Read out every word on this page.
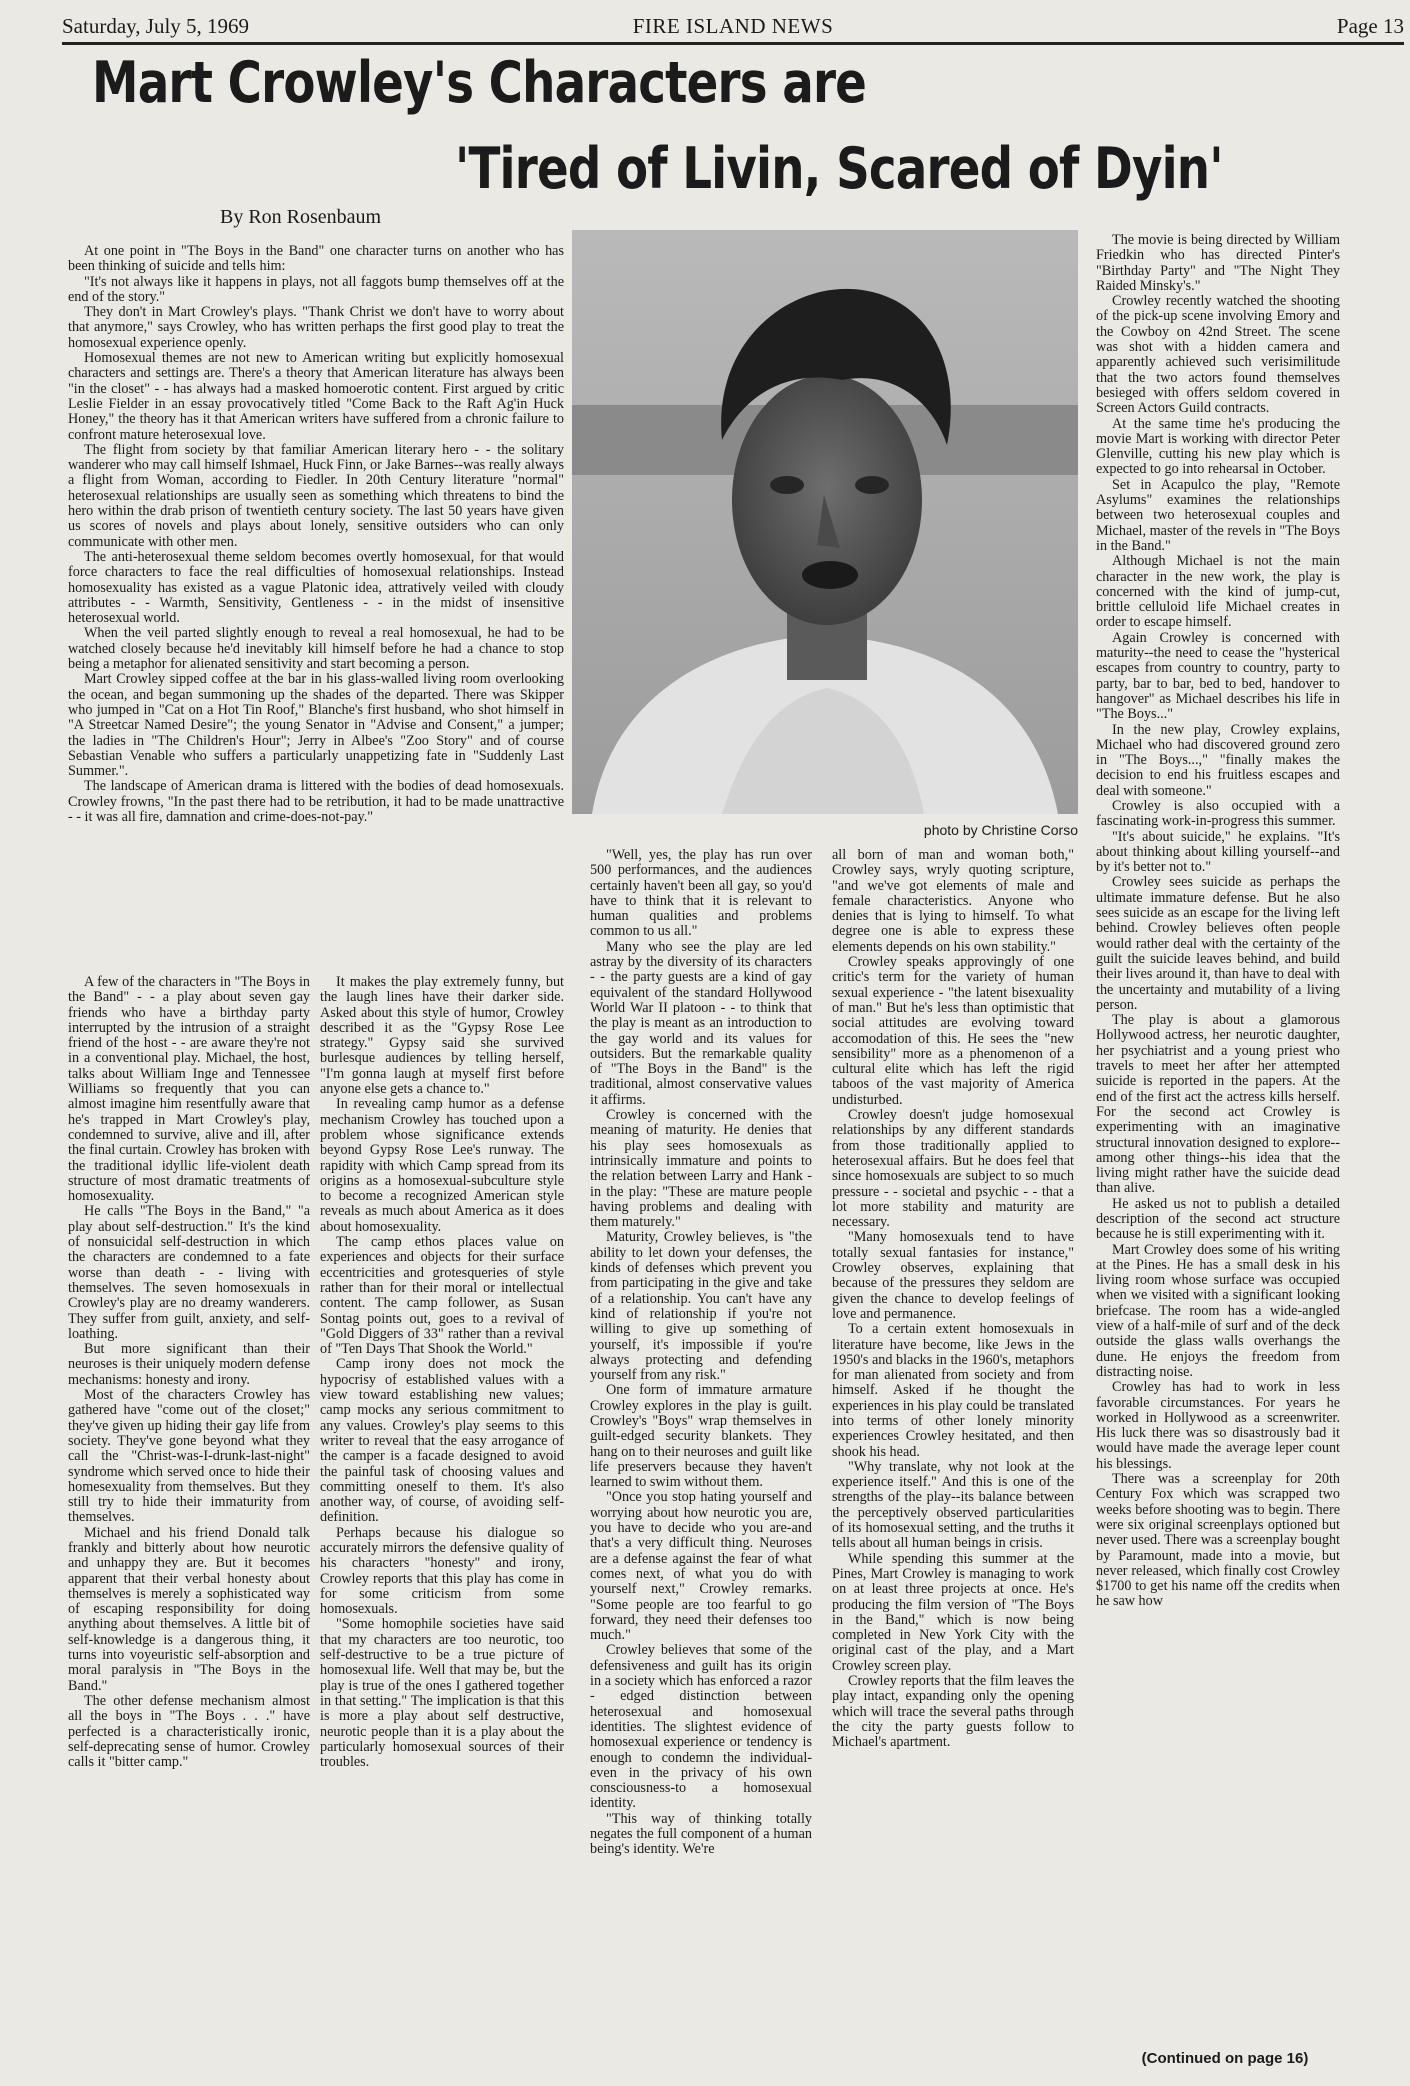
Saturday, July 5, 1969	FIRE ISLAND NEWS	Page 13
Mart Crowley's Characters are
'Tired of Livin, Scared of Dyin'
By Ron Rosenbaum
photo by Christine Corso

At one point in "The Boys in the Band" one character turns on another who has been thinking of suicide and tells him:

"It's not always like it happens in plays, not all faggots bump themselves off at the end of the story."

They don't in Mart Crowley's plays. "Thank Christ we don't have to worry about that anymore," says Crowley, who has written perhaps the first good play to treat the homosexual experience openly.

Homosexual themes are not new to American writing but explicitly homosexual characters and settings are. There's a theory that American literature has always been "in the closet" - - has always had a masked homoerotic content. First argued by critic Leslie Fielder in an essay provocatively titled "Come Back to the Raft Ag'in Huck Honey," the theory has it that American writers have suffered from a chronic failure to confront mature heterosexual love.

The flight from society by that familiar American literary hero - - the solitary wanderer who may call himself Ishmael, Huck Finn, or Jake Barnes--was really always a flight from Woman, according to Fiedler. In 20th Century literature "normal" heterosexual relationships are usually seen as something which threatens to bind the hero within the drab prison of twentieth century society. The last 50 years have given us scores of novels and plays about lonely, sensitive outsiders who can only communicate with other men.

The anti-heterosexual theme seldom becomes overtly homosexual, for that would force characters to face the real difficulties of homosexual relationships. Instead homosexuality has existed as a vague Platonic idea, attratively veiled with cloudy attributes - - Warmth, Sensitivity, Gentleness - - in the midst of insensitive heterosexual world.

When the veil parted slightly enough to reveal a real homosexual, he had to be watched closely because he'd inevitably kill himself before he had a chance to stop being a metaphor for alienated sensitivity and start becoming a person.

Mart Crowley sipped coffee at the bar in his glass-walled living room overlooking the ocean, and began summoning up the shades of the departed. There was Skipper who jumped in "Cat on a Hot Tin Roof," Blanche's first husband, who shot himself in "A Streetcar Named Desire"; the young Senator in "Advise and Consent," a jumper; the ladies in "The Children's Hour"; Jerry in Albee's "Zoo Story" and of course Sebastian Venable who suffers a particularly unappetizing fate in "Suddenly Last Summer.".

The landscape of American drama is littered with the bodies of dead homosexuals. Crowley frowns, "In the past there had to be retribution, it had to be made unattractive - - it was all fire, damnation and crime-does-not-pay."

A few of the characters in "The Boys in the Band" - - a play about seven gay friends who have a birthday party interrupted by the intrusion of a straight friend of the host - - are aware they're not in a conventional play. Michael, the host, talks about William Inge and Tennessee Williams so frequently that you can almost imagine him resentfully aware that he's trapped in Mart Crowley's play, condemned to survive, alive and ill, after the final curtain. Crowley has broken with the traditional idyllic life-violent death structure of most dramatic treatments of homosexuality.

He calls "The Boys in the Band," "a play about self-destruction." It's the kind of nonsuicidal self-destruction in which the characters are condemned to a fate worse than death - - living with themselves. The seven homosexuals in Crowley's play are no dreamy wanderers. They suffer from guilt, anxiety, and self-loathing.

But more significant than their neuroses is their uniquely modern defense mechanisms: honesty and irony.

Most of the characters Crowley has gathered have "come out of the closet;" they've given up hiding their gay life from society. They've gone beyond what they call the "Christ-was-I-drunk-last-night" syndrome which served once to hide their homesexuality from themselves. But they still try to hide their immaturity from themselves.

Michael and his friend Donald talk frankly and bitterly about how neurotic and unhappy they are. But it becomes apparent that their verbal honesty about themselves is merely a sophisticated way of escaping responsibility for doing anything about themselves. A little bit of self-knowledge is a dangerous thing, it turns into voyeuristic self-absorption and moral paralysis in "The Boys in the Band."

The other defense mechanism almost all the boys in "The Boys . . ." have perfected is a characteristically ironic, self-deprecating sense of humor. Crowley calls it "bitter camp."

It makes the play extremely funny, but the laugh lines have their darker side. Asked about this style of humor, Crowley described it as the "Gypsy Rose Lee strategy." Gypsy said she survived burlesque audiences by telling herself, "I'm gonna laugh at myself first before anyone else gets a chance to."

In revealing camp humor as a defense mechanism Crowley has touched upon a problem whose significance extends beyond Gypsy Rose Lee's runway. The rapidity with which Camp spread from its origins as a homosexual-subculture style to become a recognized American style reveals as much about America as it does about homosexuality.

The camp ethos places value on experiences and objects for their surface eccentricities and grotesqueries of style rather than for their moral or intellectual content. The camp follower, as Susan Sontag points out, goes to a revival of "Gold Diggers of 33" rather than a revival of "Ten Days That Shook the World."

Camp irony does not mock the hypocrisy of established values with a view toward establishing new values; camp mocks any serious commitment to any values. Crowley's play seems to this writer to reveal that the easy arrogance of the camper is a facade designed to avoid the painful task of choosing values and committing oneself to them. It's also another way, of course, of avoiding self-definition.

Perhaps because his dialogue so accurately mirrors the defensive quality of his characters "honesty" and irony, Crowley reports that this play has come in for some criticism from some homosexuals.

"Some homophile societies have said that my characters are too neurotic, too self-destructive to be a true picture of homosexual life. Well that may be, but the play is true of the ones I gathered together in that setting." The implication is that this is more a play about self destructive, neurotic people than it is a play about the particularly homosexual sources of their troubles.

"Well, yes, the play has run over 500 performances, and the audiences certainly haven't been all gay, so you'd have to think that it is relevant to human qualities and problems common to us all."

Many who see the play are led astray by the diversity of its characters - - the party guests are a kind of gay equivalent of the standard Hollywood World War II platoon - - to think that the play is meant as an introduction to the gay world and its values for outsiders. But the remarkable quality of "The Boys in the Band" is the traditional, almost conservative values it affirms.

Crowley is concerned with the meaning of maturity. He denies that his play sees homosexuals as intrinsically immature and points to the relation between Larry and Hank - in the play: "These are mature people having problems and dealing with them maturely."

Maturity, Crowley believes, is "the ability to let down your defenses, the kinds of defenses which prevent you from participating in the give and take of a relationship. You can't have any kind of relationship if you're not willing to give up something of yourself, it's impossible if you're always protecting and defending yourself from any risk."

One form of immature armature Crowley explores in the play is guilt. Crowley's "Boys" wrap themselves in guilt-edged security blankets. They hang on to their neuroses and guilt like life preservers because they haven't learned to swim without them.

"Once you stop hating yourself and worrying about how neurotic you are, you have to decide who you are-and that's a very difficult thing. Neuroses are a defense against the fear of what comes next, of what you do with yourself next," Crowley remarks. "Some people are too fearful to go forward, they need their defenses too much."

Crowley believes that some of the defensiveness and guilt has its origin in a society which has enforced a razor - edged distinction between heterosexual and homosexual identities. The slightest evidence of homosexual experience or tendency is enough to condemn the individual-even in the privacy of his own consciousness-to a homosexual identity.

"This way of thinking totally negates the full component of a human being's identity. We're

all born of man and woman both," Crowley says, wryly quoting scripture, "and we've got elements of male and female characteristics. Anyone who denies that is lying to himself. To what degree one is able to express these elements depends on his own stability."

Crowley speaks approvingly of one critic's term for the variety of human sexual experience - "the latent bisexuality of man." But he's less than optimistic that social attitudes are evolving toward accomodation of this. He sees the "new sensibility" more as a phenomenon of a cultural elite which has left the rigid taboos of the vast majority of America undisturbed.

Crowley doesn't judge homosexual relationships by any different standards from those traditionally applied to heterosexual affairs. But he does feel that since homosexuals are subject to so much pressure - - societal and psychic - - that a lot more stability and maturity are necessary.

"Many homosexuals tend to have totally sexual fantasies for instance," Crowley observes, explaining that because of the pressures they seldom are given the chance to develop feelings of love and permanence.

To a certain extent homosexuals in literature have become, like Jews in the 1950's and blacks in the 1960's, metaphors for man alienated from society and from himself. Asked if he thought the experiences in his play could be translated into terms of other lonely minority experiences Crowley hesitated, and then shook his head.

"Why translate, why not look at the experience itself." And this is one of the strengths of the play--its balance between the perceptively observed particularities of its homosexual setting, and the truths it tells about all human beings in crisis.

While spending this summer at the Pines, Mart Crowley is managing to work on at least three projects at once. He's producing the film version of "The Boys in the Band," which is now being completed in New York City with the original cast of the play, and a Mart Crowley screen play.

Crowley reports that the film leaves the play intact, expanding only the opening which will trace the several paths through the city the party guests follow to Michael's apartment.

The movie is being directed by William Friedkin who has directed Pinter's "Birthday Party" and "The Night They Raided Minsky's."

Crowley recently watched the shooting of the pick-up scene involving Emory and the Cowboy on 42nd Street. The scene was shot with a hidden camera and apparently achieved such verisimilitude that the two actors found themselves besieged with offers seldom covered in Screen Actors Guild contracts.

At the same time he's producing the movie Mart is working with director Peter Glenville, cutting his new play which is expected to go into rehearsal in October.

Set in Acapulco the play, "Remote Asylums" examines the relationships between two heterosexual couples and Michael, master of the revels in "The Boys in the Band."

Although Michael is not the main character in the new work, the play is concerned with the kind of jump-cut, brittle celluloid life Michael creates in order to escape himself.

Again Crowley is concerned with maturity--the need to cease the "hysterical escapes from country to country, party to party, bar to bar, bed to bed, handover to hangover" as Michael describes his life in "The Boys..."

In the new play, Crowley explains, Michael who had discovered ground zero in "The Boys...," "finally makes the decision to end his fruitless escapes and deal with someone."

Crowley is also occupied with a fascinating work-in-progress this summer.

"It's about suicide," he explains. "It's about thinking about killing yourself--and by it's better not to."

Crowley sees suicide as perhaps the ultimate immature defense. But he also sees suicide as an escape for the living left behind. Crowley believes often people would rather deal with the certainty of the guilt the suicide leaves behind, and build their lives around it, than have to deal with the uncertainty and mutability of a living person.

The play is about a glamorous Hollywood actress, her neurotic daughter, her psychiatrist and a young priest who travels to meet her after her attempted suicide is reported in the papers. At the end of the first act the actress kills herself. For the second act Crowley is experimenting with an imaginative structural innovation designed to explore--among other things--his idea that the living might rather have the suicide dead than alive.

He asked us not to publish a detailed description of the second act structure because he is still experimenting with it.

Mart Crowley does some of his writing at the Pines. He has a small desk in his living room whose surface was occupied when we visited with a significant looking briefcase. The room has a wide-angled view of a half-mile of surf and of the deck outside the glass walls overhangs the dune. He enjoys the freedom from distracting noise.

Crowley has had to work in less favorable circumstances. For years he worked in Hollywood as a screenwriter. His luck there was so disastrously bad it would have made the average leper count his blessings.

There was a screenplay for 20th Century Fox which was scrapped two weeks before shooting was to begin. There were six original screenplays optioned but never used. There was a screenplay bought by Paramount, made into a movie, but never released, which finally cost Crowley $1700 to get his name off the credits when he saw how

(Continued on page 16)
